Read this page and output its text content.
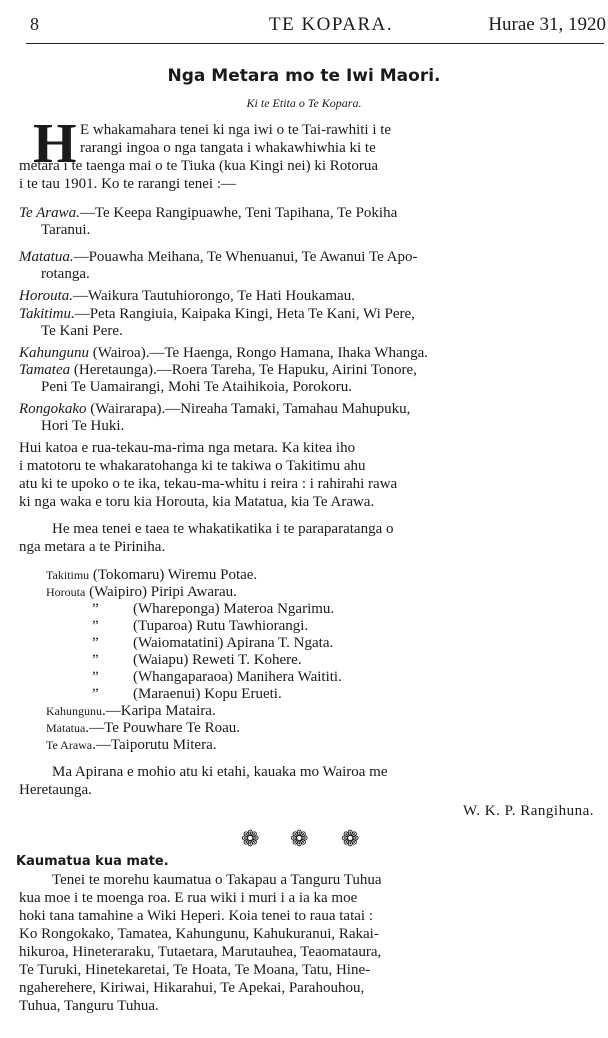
8	TE KOPARA.	Hurae 31, 1920
Nga Metara mo te Iwi Maori.
Ki te Etita o Te Kopara.
H E whakamahara tenei ki nga iwi o te Tai-rawhiti i te
rarangi ingoa o nga tangata i whakawhiwhia ki te
metara i te taenga mai o te Tiuka (kua Kingi nei) ki Rotorua
i te tau 1901. Ko te rarangi tenei :—
Te Arawa.—Te Keepa Rangipuawhe, Teni Tapihana, Te Pokiha
Taranui.
Matatua.—Pouawha Meihana, Te Whenuanui, Te Awanui Te Apo-
rotanga.
Horouta.—Waikura Tautuhiorongo, Te Hati Houkamau.
Takitimu.—Peta Rangiuia, Kaipaka Kingi, Heta Te Kani, Wi Pere,
Te Kani Pere.
Kahungunu (Wairoa).—Te Haenga, Rongo Hamana, Ihaka Whanga.
Tamatea (Heretaunga).—Roera Tareha, Te Hapuku, Airini Tonore,
Peni Te Uamairangi, Mohi Te Ataihikoia, Porokoru.
Rongokako (Wairarapa).—Nireaha Tamaki, Tamahau Mahupuku,
Hori Te Huki.
Hui katoa e rua-tekau-ma-rima nga metara. Ka kitea iho
i matotoru te whakaratohanga ki te takiwa o Takitimu ahu
atu ki te upoko o te ika, tekau-ma-whitu i reira : i rahirahi rawa
ki nga waka e toru kia Horouta, kia Matatua, kia Te Arawa.
He mea tenei e taea te whakatikatika i te paraparatanga o
nga metara a te Piriniha.
Takitimu (Tokomaru) Wiremu Potae.
Horouta (Waipiro) Piripi Awarau.
” (Whareponga) Materoa Ngarimu.
” (Tuparoa) Rutu Tawhiorangi.
” (Waiomatatini) Apirana T. Ngata.
” (Waiapu) Reweti T. Kohere.
” (Whangaparaoa) Manihera Waititi.
” (Maraenui) Kopu Erueti.
Kahungunu.—Karipa Mataira.
Matatua.—Te Pouwhare Te Roau.
Te Arawa.—Taiporutu Mitera.
Ma Apirana e mohio atu ki etahi, kauaka mo Wairoa me
Heretaunga.
W. K. P. Rangihuna.
❁ ❁ ❁
Kaumatua kua mate.
Tenei te morehu kaumatua o Takapau a Tanguru Tuhua
kua moe i te moenga roa. E rua wiki i muri i a ia ka moe
hoki tana tamahine a Wiki Heperi. Koia tenei to raua tatai :
Ko Rongokako, Tamatea, Kahungunu, Kahukuranui, Rakai-
hikuroa, Hineteraraku, Tutaetara, Marutauhea, Teaomataura,
Te Turuki, Hinetekaretai, Te Hoata, Te Moana, Tatu, Hine-
ngaherehere, Kiriwai, Hikarahui, Te Apekai, Parahouhou,
Tuhua, Tanguru Tuhua.
